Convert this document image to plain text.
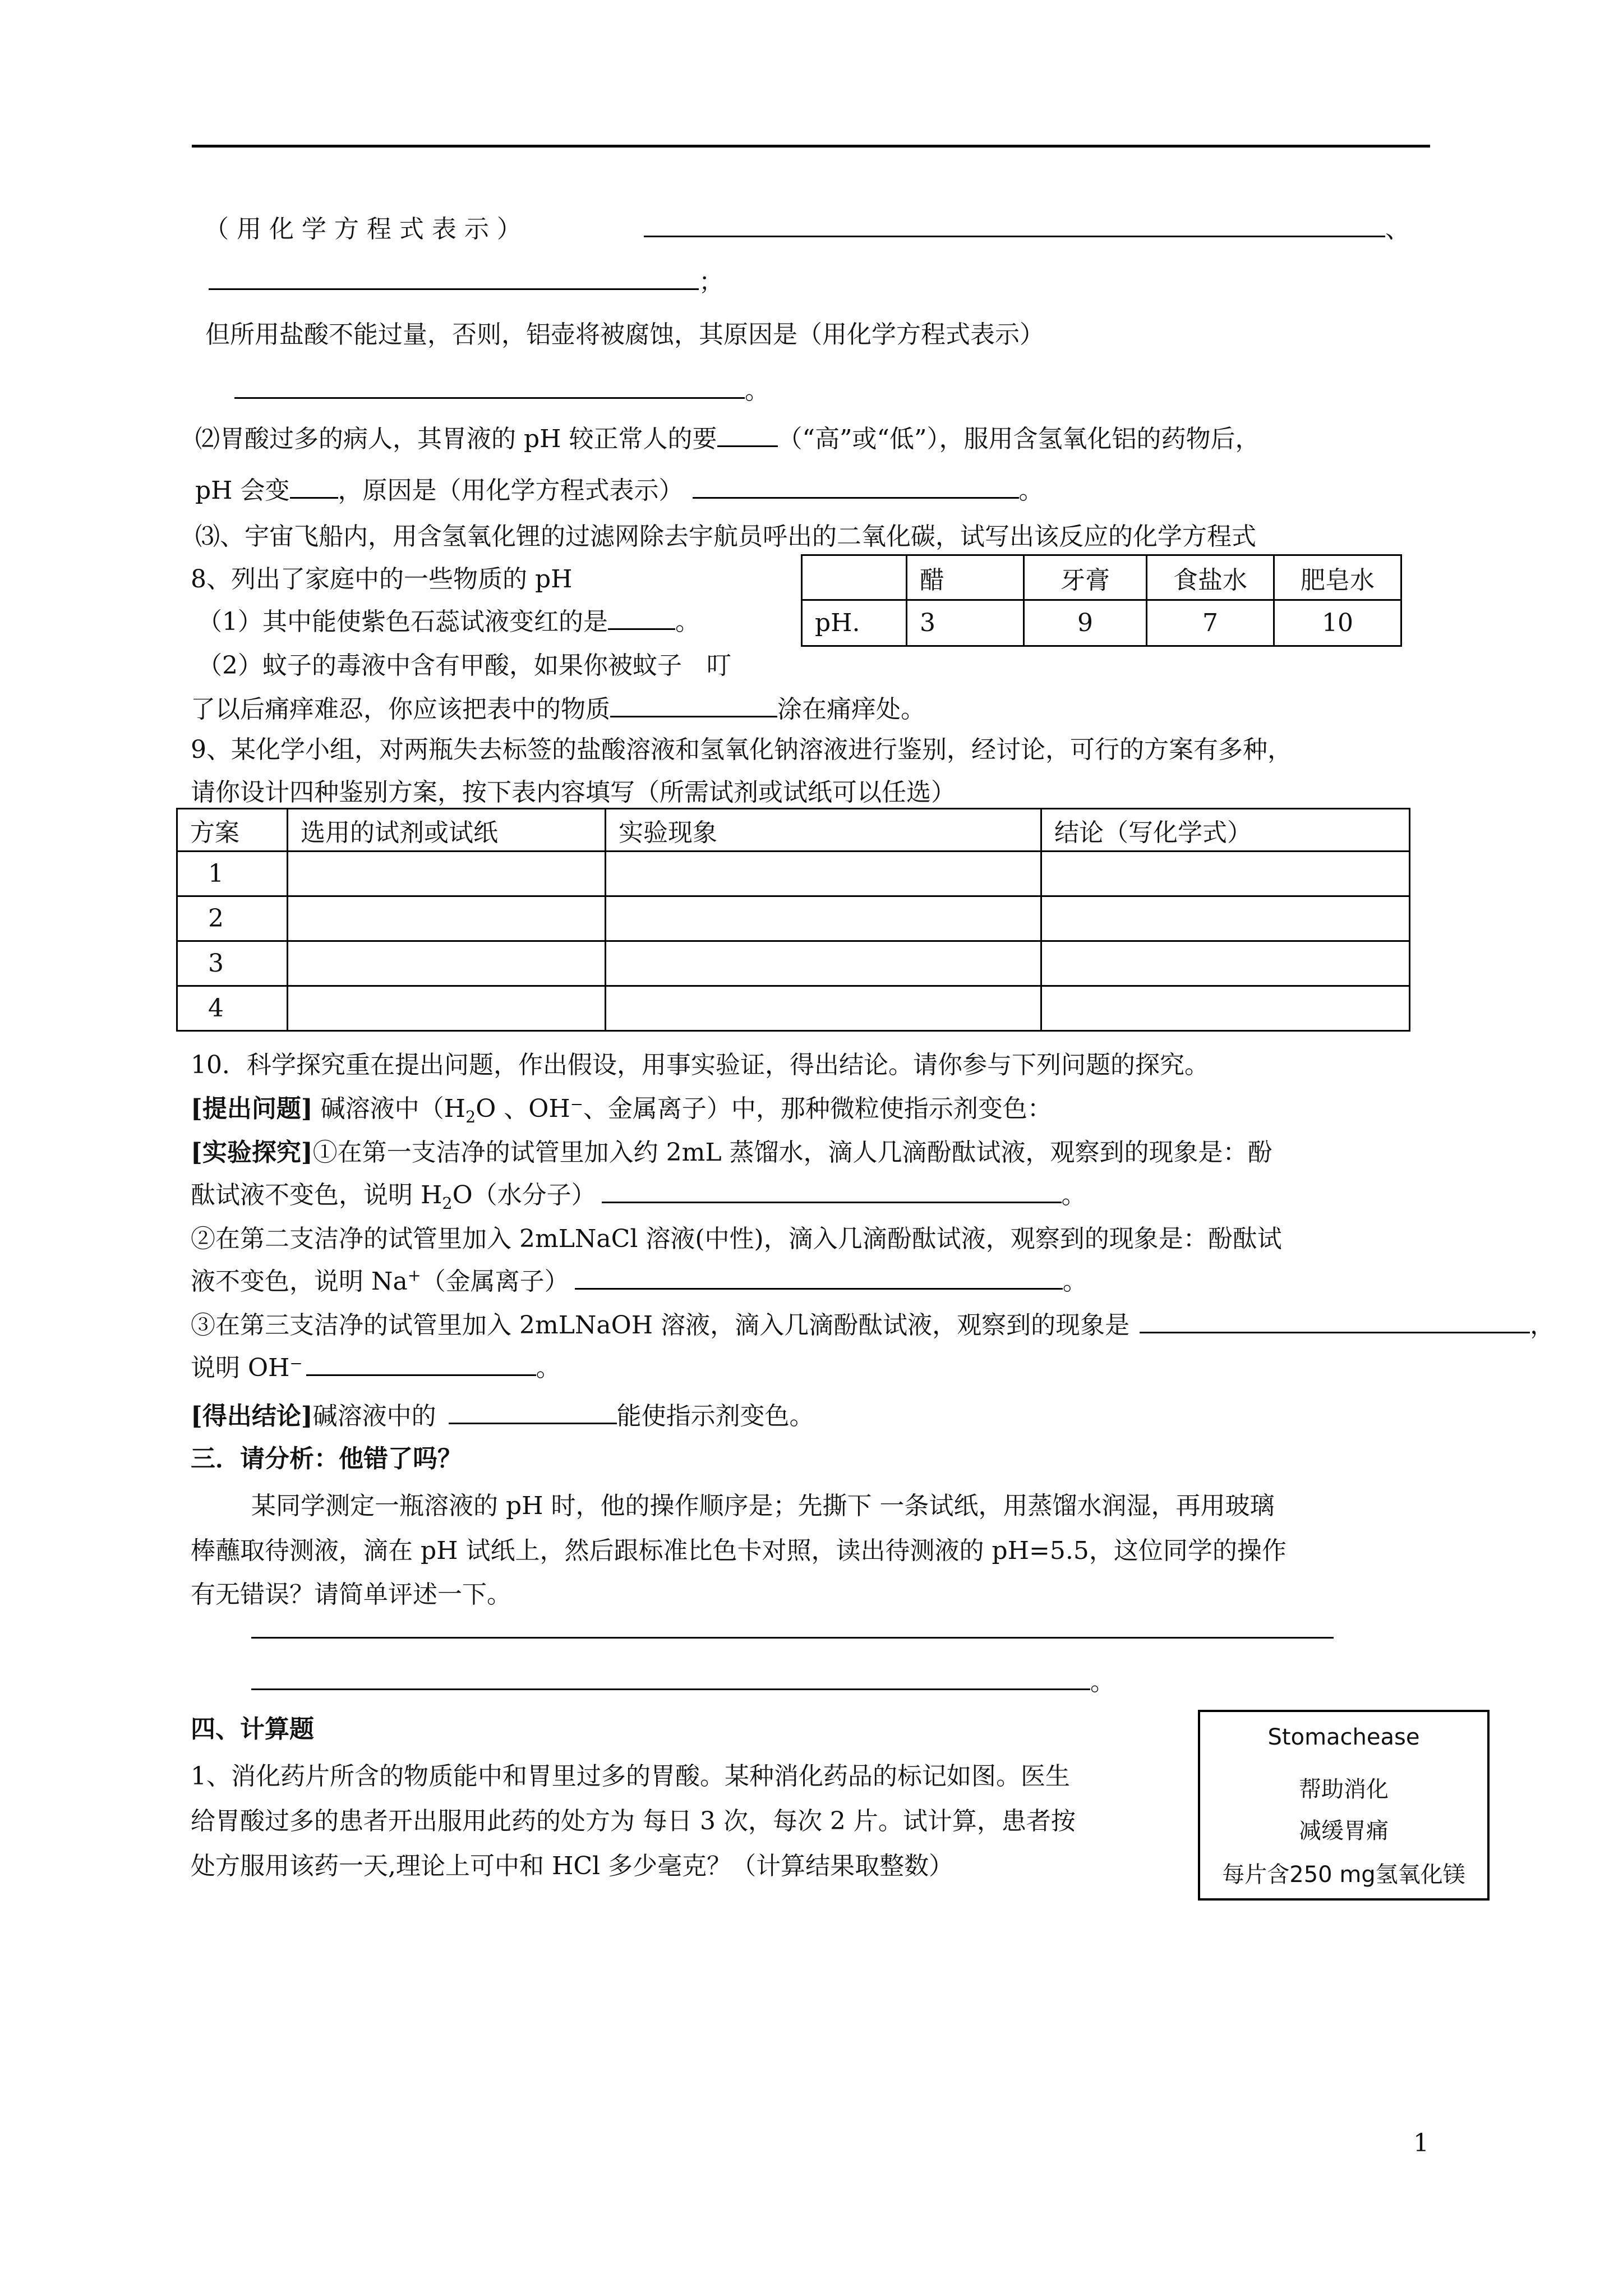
（ 用 化 学 方 程 式 表 示 ）	、
；
但所用盐酸不能过量，否则，铝壶将被腐蚀，其原因是（用化学方程式表示）
。
⑵胃酸过多的病人，其胃液的 pH 较正常人的要 （“高”或“低”），服用含氢氧化铝的药物后，
pH 会变 ，原因是（用化学方程式表示）	。
⑶、宇宙飞船内，用含氢氧化锂的过滤网除去宇航员呼出的二氧化碳，试写出该反应的化学方程式
8、列出了家庭中的一些物质的 pH
（1）其中能使紫色石蕊试液变红的是	。
（2）蚊子的毒液中含有甲酸，如果你被蚊子　叮
了以后痛痒难忍，你应该把表中的物质	涂在痛痒处。
	醋	牙膏	食盐水	肥皂水
pH.	3	9	7	10
9、某化学小组，对两瓶失去标签的盐酸溶液和氢氧化钠溶液进行鉴别，经讨论，可行的方案有多种，
请你设计四种鉴别方案，按下表内容填写（所需试剂或试纸可以任选）
方案	选用的试剂或试纸	实验现象	结论（写化学式）
1			
2			
3			
4			
10．科学探究重在提出问题，作出假设，用事实验证，得出结论。请你参与下列问题的探究。
[提出问题] 碱溶液中（$H_2O$ 、OH⁻、金属离子）中，那种微粒使指示剂变色：
[实验探究]①在第一支洁净的试管里加入约 2mL 蒸馏水，滴人几滴酚酞试液，观察到的现象是：酚
酞试液不变色，说明 $H_2O$（水分子）	。
②在第二支洁净的试管里加入 2mLNaCl 溶液(中性)，滴入几滴酚酞试液，观察到的现象是：酚酞试
液不变色，说明 Na+（金属离子）	。
③在第三支洁净的试管里加入 2mLNaOH 溶液，滴入几滴酚酞试液，观察到的现象是	，
说明 OH⁻	。
[得出结论]碱溶液中的	能使指示剂变色。
三．请分析：他错了吗？
某同学测定一瓶溶液的 pH 时，他的操作顺序是；先撕下 一条试纸，用蒸馏水润湿，再用玻璃
棒蘸取待测液，滴在 pH 试纸上，然后跟标准比色卡对照，读出待测液的 pH=5.5，这位同学的操作
有无错误？请简单评述一下。
。
四、计算题
1、消化药片所含的物质能中和胃里过多的胃酸。某种消化药品的标记如图。医生
给胃酸过多的患者开出服用此药的处方为 每日 3 次，每次 2 片。试计算，患者按
处方服用该药一天,理论上可中和 HCl 多少毫克？（计算结果取整数）
Stomachease
帮助消化
减缓胃痛
每片含250 mg氢氧化镁
1
